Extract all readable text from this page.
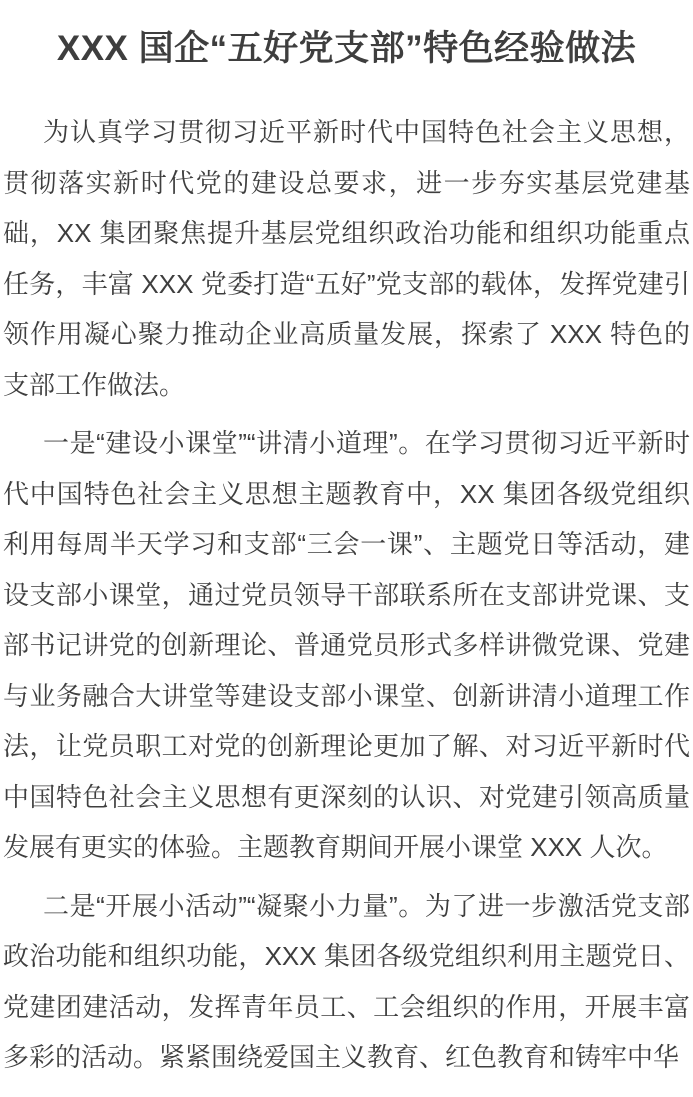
XXX 国企“五好党支部”特色经验做法

为认真学习贯彻习近平新时代中国特色社会主义思想，贯彻落实新时代党的建设总要求，进一步夯实基层党建基础，XX 集团聚焦提升基层党组织政治功能和组织功能重点任务，丰富 XXX 党委打造“五好”党支部的载体，发挥党建引领作用凝心聚力推动企业高质量发展，探索了 XXX 特色的支部工作做法。

一是“建设小课堂”“讲清小道理”。在学习贯彻习近平新时代中国特色社会主义思想主题教育中，XX 集团各级党组织利用每周半天学习和支部“三会一课”、主题党日等活动，建设支部小课堂，通过党员领导干部联系所在支部讲党课、支部书记讲党的创新理论、普通党员形式多样讲微党课、党建与业务融合大讲堂等建设支部小课堂、创新讲清小道理工作法，让党员职工对党的创新理论更加了解、对习近平新时代中国特色社会主义思想有更深刻的认识、对党建引领高质量发展有更实的体验。主题教育期间开展小课堂 XXX 人次。

二是“开展小活动”“凝聚小力量”。为了进一步激活党支部政治功能和组织功能，XXX 集团各级党组织利用主题党日、党建团建活动，发挥青年员工、工会组织的作用，开展丰富多彩的活动。紧紧围绕爱国主义教育、红色教育和铸牢中华
